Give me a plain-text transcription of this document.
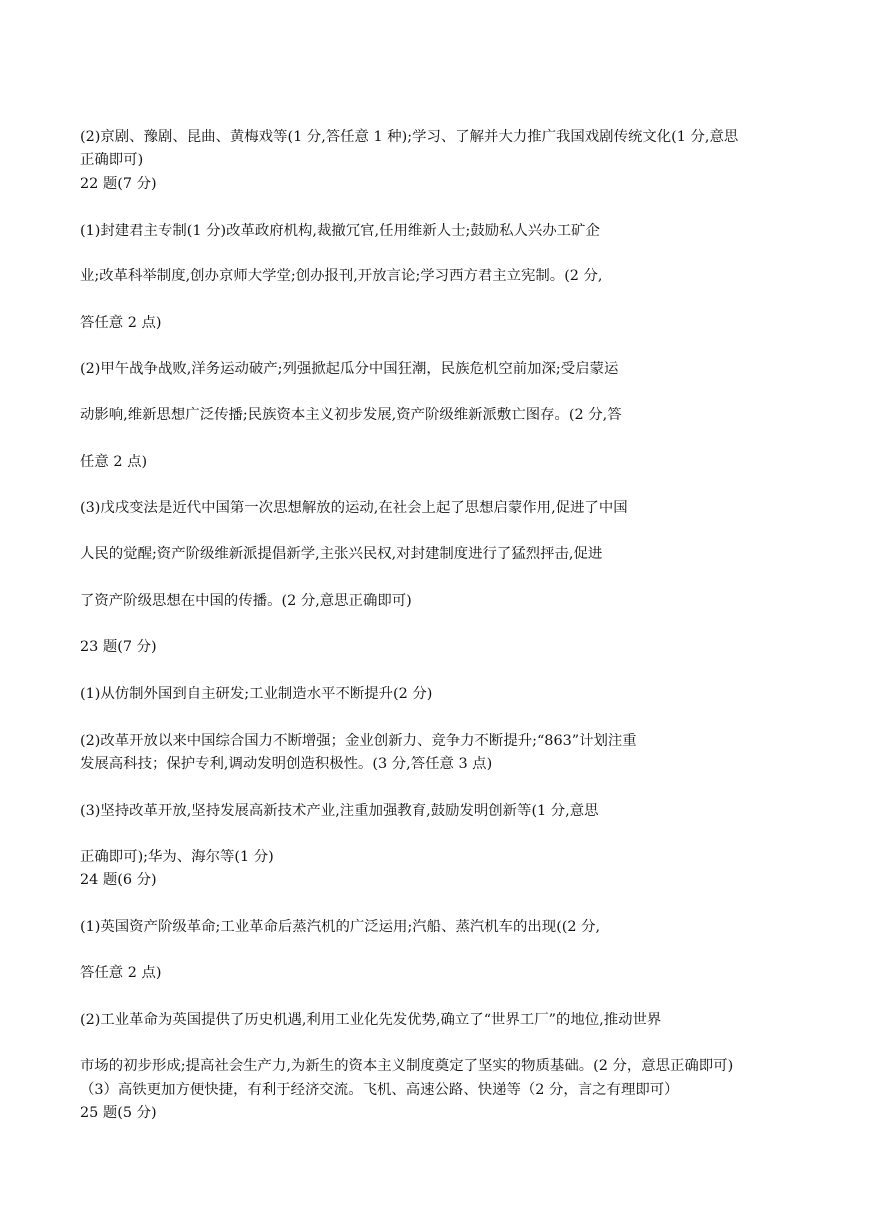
(2)京剧、豫剧、昆曲、黄梅戏等(1 分,答任意 1 种);学习、了解并大力推广我国戏剧传统文化(1 分,意思
正确即可)
22 题(7 分)
(1)封建君主专制(1 分)改革政府机构,裁撤冗官,任用维新人士;鼓励私人兴办工矿企
业;改革科举制度,创办京师大学堂;创办报刊,开放言论;学习西方君主立宪制。(2 分,
答任意 2 点)
(2)甲午战争战败,洋务运动破产;列强掀起瓜分中国狂潮，民族危机空前加深;受启蒙运
动影响,维新思想广泛传播;民族资本主义初步发展,资产阶级维新派敷亡图存。(2 分,答
任意 2 点)
(3)戊戌变法是近代中国第一次思想解放的运动,在社会上起了思想启蒙作用,促进了中国
人民的觉醒;资产阶级维新派提倡新学,主张兴民权,对封建制度进行了猛烈抨击,促进
了资产阶级思想在中国的传播。(2 分,意思正确即可)
23 题(7 分)
(1)从仿制外国到自主研发;工业制造水平不断提升(2 分)
(2)改革开放以来中国综合国力不断增强；金业创新力、竞争力不断提升;“863”计划注重
发展高科技；保护专利,调动发明创造积极性。(3 分,答任意 3 点)
(3)坚持改革开放,坚持发展高新技术产业,注重加强教育,鼓励发明创新等(1 分,意思
正确即可);华为、海尔等(1 分)
24 题(6 分)
(1)英国资产阶级革命;工业革命后蒸汽机的广泛运用;汽船、蒸汽机车的出现((2 分,
答任意 2 点)
(2)工业革命为英国提供了历史机遇,利用工业化先发优势,确立了“世界工厂”的地位,推动世界
市场的初步形成;提高社会生产力,为新生的资本主义制度奠定了坚实的物质基础。(2 分，意思正确即可)
（3）高铁更加方便快捷，有利于经济交流。飞机、高速公路、快递等（2 分，言之有理即可）
25 题(5 分)
